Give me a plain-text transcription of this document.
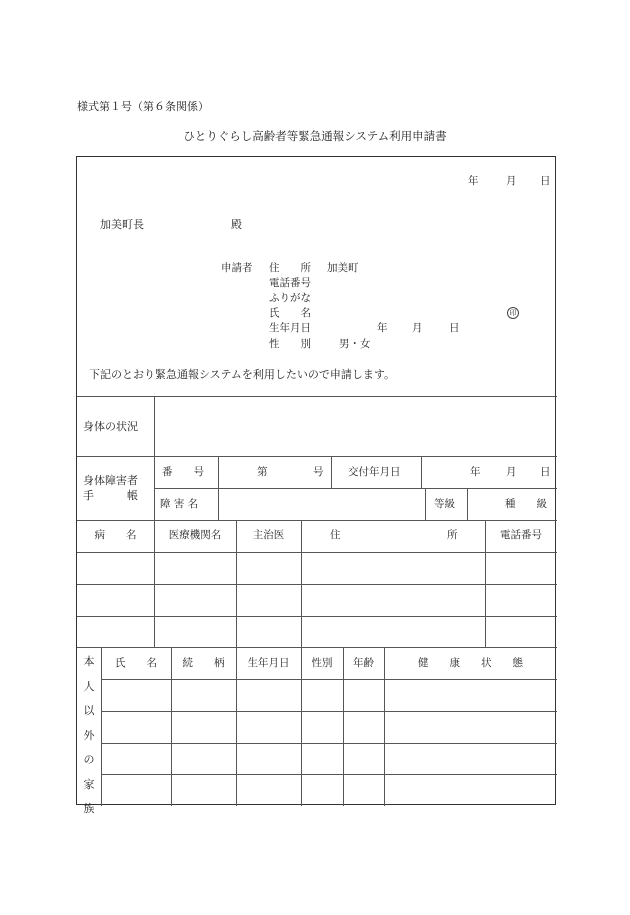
様式第１号（第６条関係）
ひとりぐらし高齢者等緊急通報システム利用申請書
年	月 日
加美町長	殿
申請者 住　　所 加美町
電話番号
ふりがな
氏　　名	印
生年月日	年 月	日
性　　別	男・女
下記のとおり緊急通報システムを利用したいので申請します。
身体の状況
身体障害者
手　　　帳
番　　号	第	号 交付年月日	年 月 日
障 害 名	等級	種　　級
病　　名	医療機関名	主治医	住	所	電話番号
本
人
以
外
の
家
族
氏　　名	続　　柄	生年月日	性別	年齢	健　　康　　状　　態
